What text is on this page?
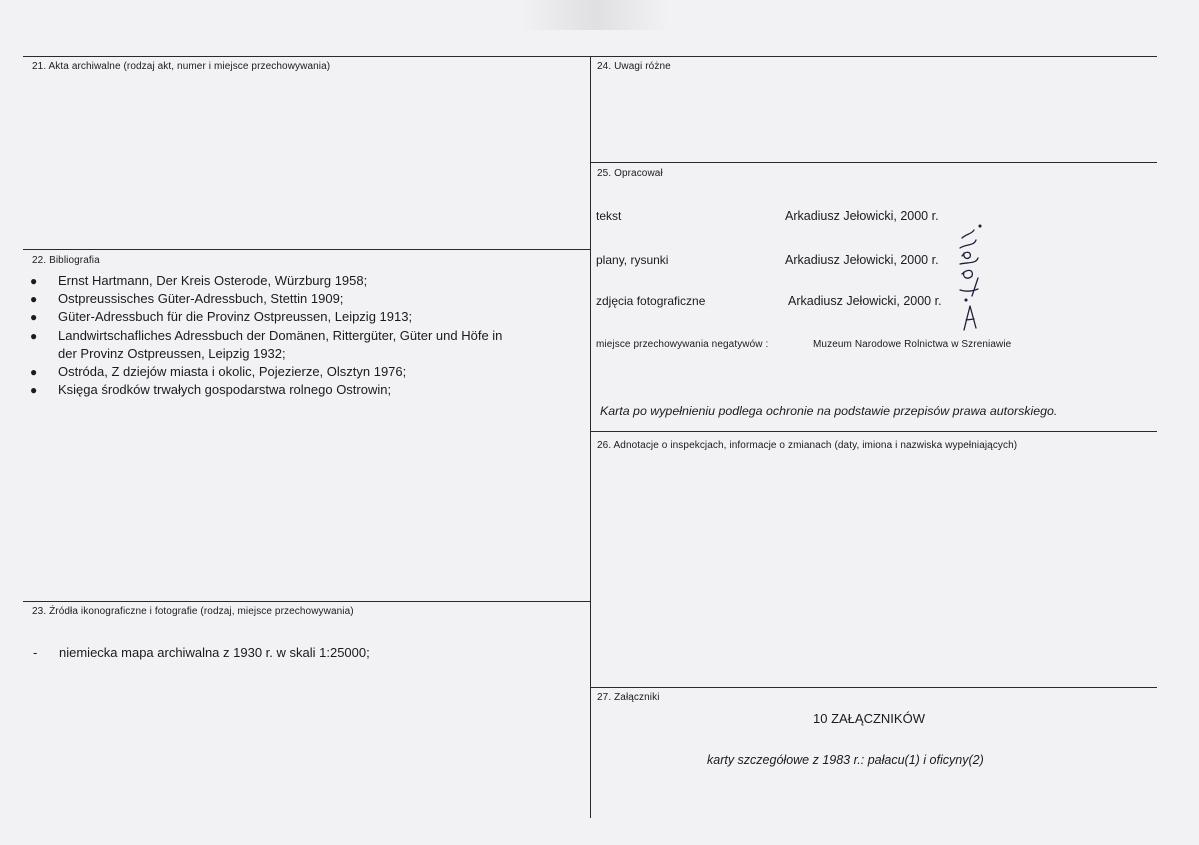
21. Akta archiwalne (rodzaj akt, numer i miejsce przechowywania)
22. Bibliografia
● Ernst Hartmann, Der Kreis Osterode, Würzburg 1958;
● Ostpreussisches Güter-Adressbuch, Stettin 1909;
● Güter-Adressbuch für die Provinz Ostpreussen, Leipzig 1913;
● Landwirtschafliches Adressbuch der Domänen, Rittergüter, Güter und Höfe in
der Provinz Ostpreussen, Leipzig 1932;
● Ostróda, Z dziejów miasta i okolic, Pojezierze, Olsztyn 1976;
● Księga środków trwałych gospodarstwa rolnego Ostrowin;
23. Źródła ikonograficzne i fotografie (rodzaj, miejsce przechowywania)
- niemiecka mapa archiwalna z 1930 r. w skali 1:25000;
24. Uwagi różne
25. Opracował
tekst	Arkadiusz Jełowicki, 2000 r.
plany, rysunki	Arkadiusz Jełowicki, 2000 r.
zdjęcia fotograficzne	Arkadiusz Jełowicki, 2000 r.
miejsce przechowywania negatywów :	Muzeum Narodowe Rolnictwa w Szreniawie
Karta po wypełnieniu podlega ochronie na podstawie przepisów prawa autorskiego.
26. Adnotacje o inspekcjach, informacje o zmianach (daty, imiona i nazwiska wypełniających)
27. Załączniki
10 ZAŁĄCZNIKÓW
karty szczegółowe z 1983 r.: pałacu(1) i oficyny(2)
